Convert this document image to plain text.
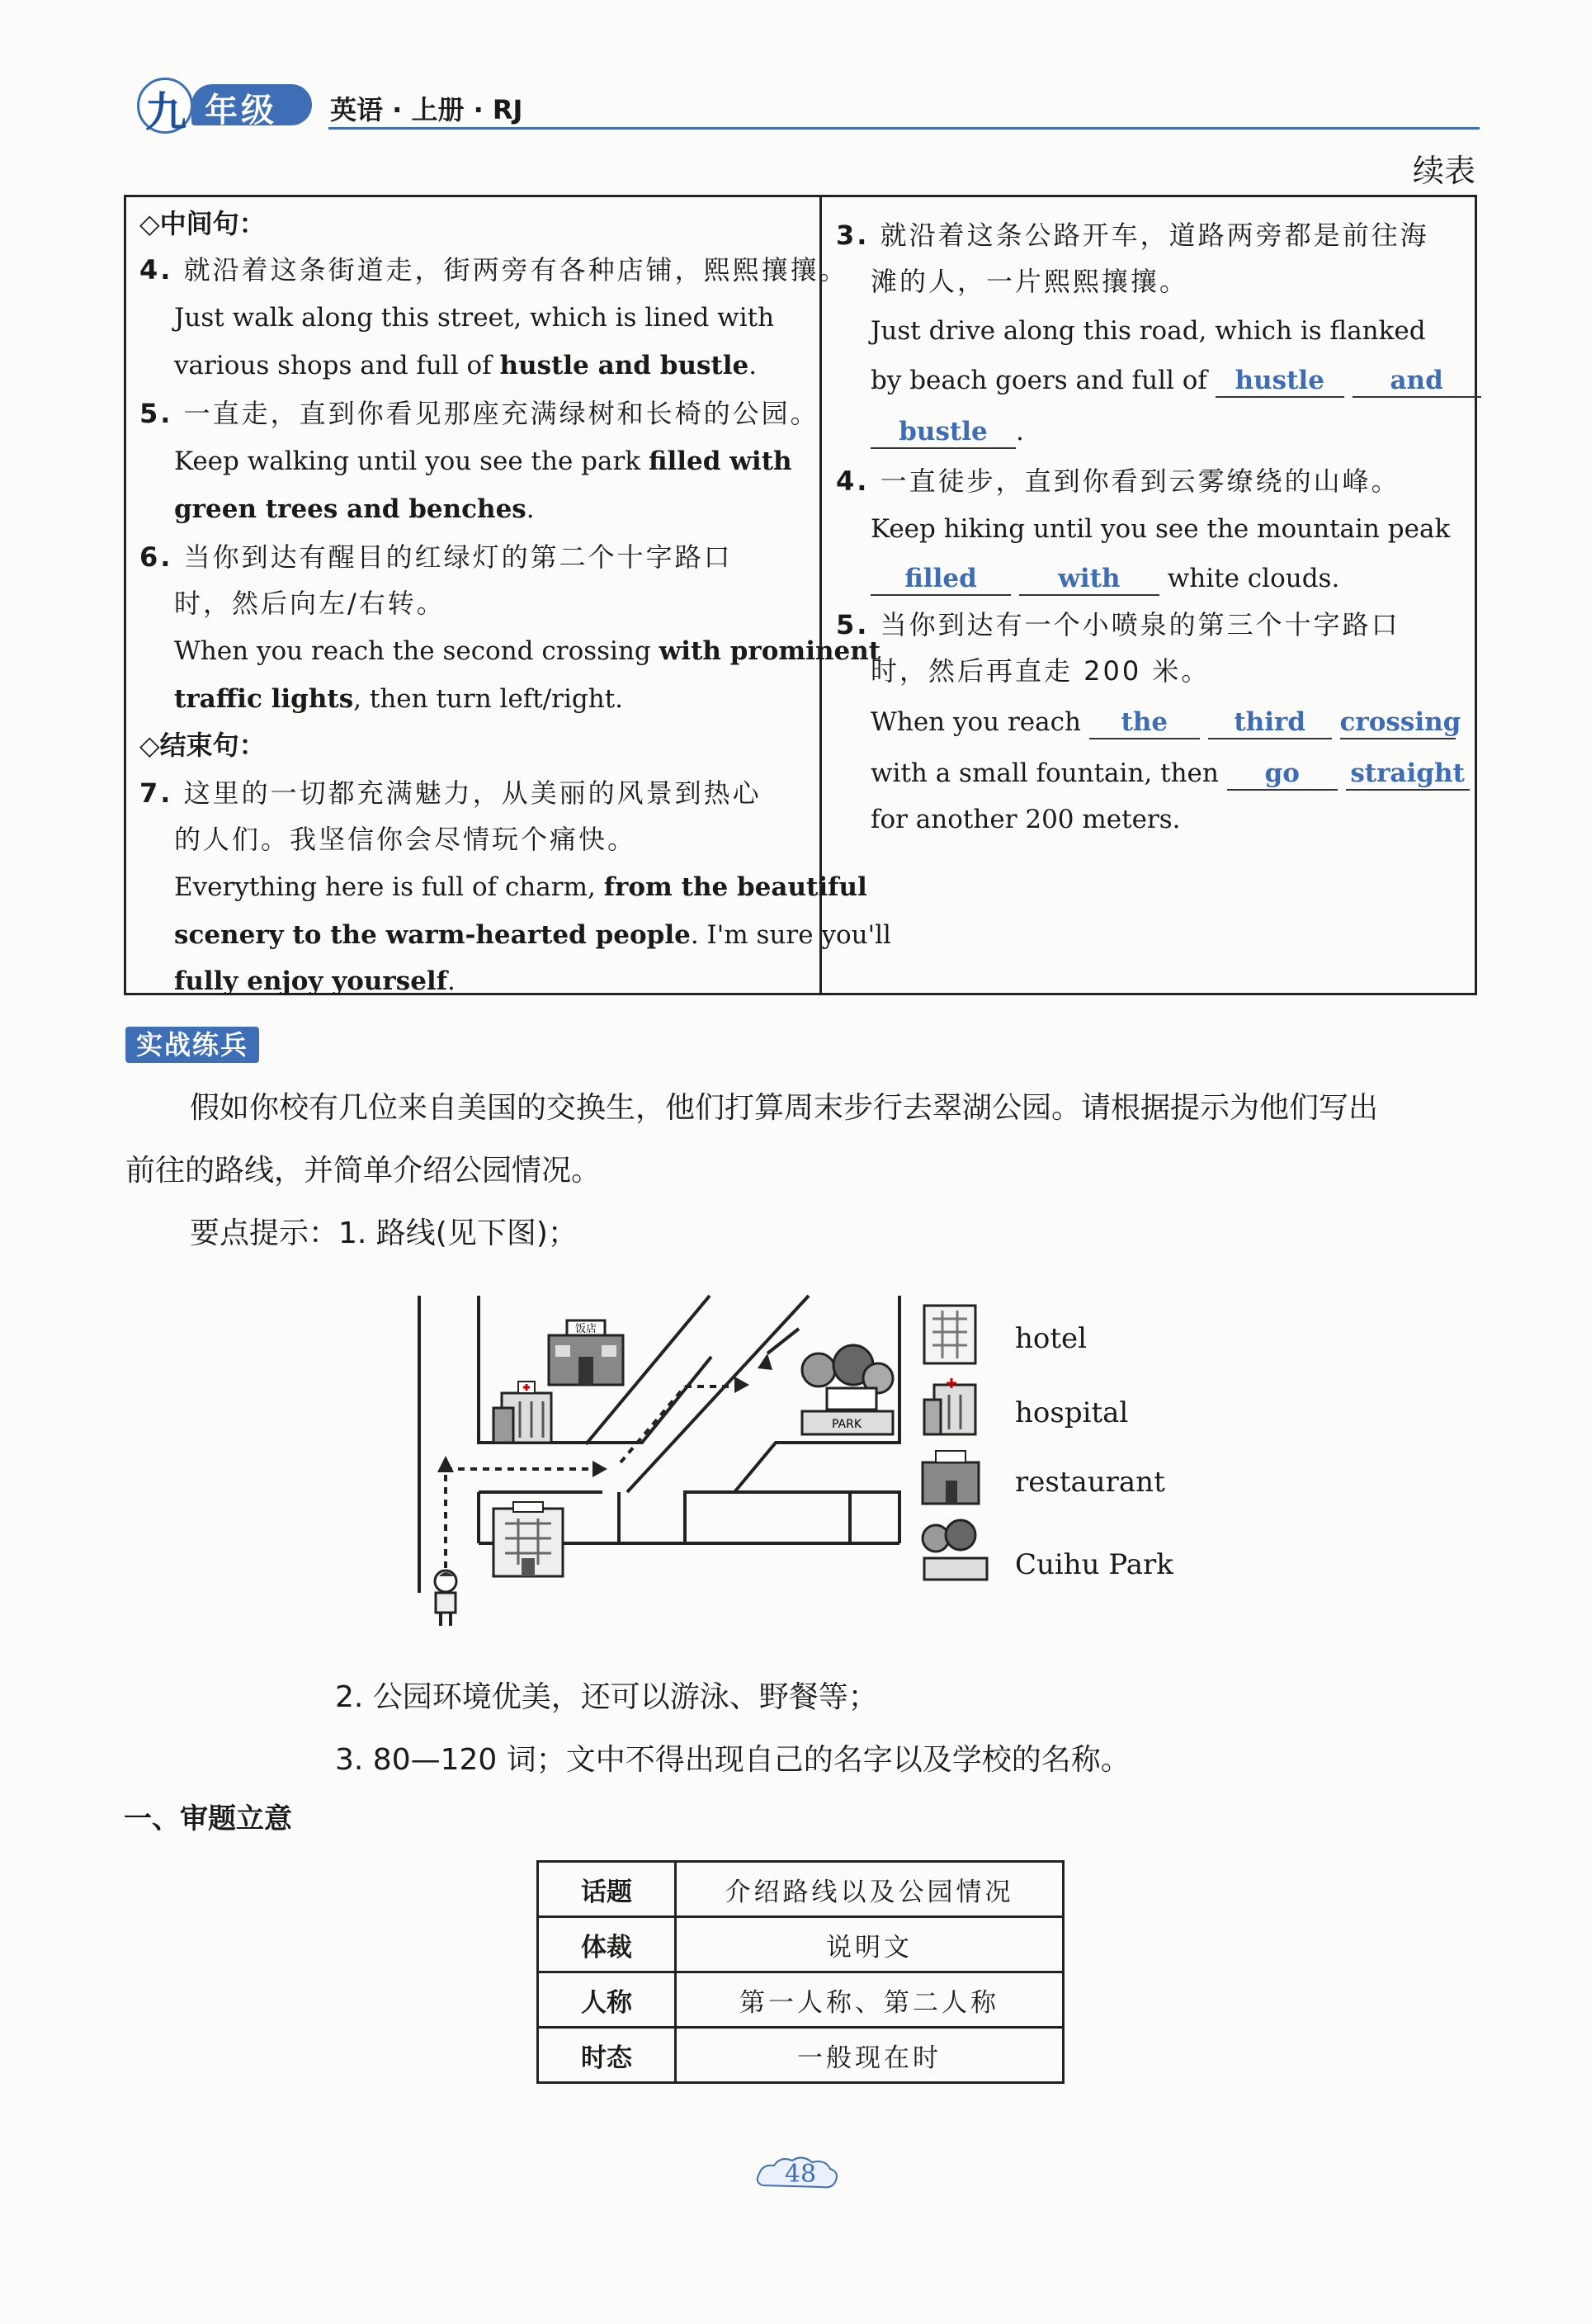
九 年级 英语 · 上册 · RJ
续表
◇中间句：
4. 就沿着这条街道走，街两旁有各种店铺，熙熙攘攘。
Just walk along this street, which is lined with
various shops and full of hustle and bustle.
5. 一直走，直到你看见那座充满绿树和长椅的公园。
Keep walking until you see the park filled with
green trees and benches.
6. 当你到达有醒目的红绿灯的第二个十字路口
时，然后向左/右转。
When you reach the second crossing with prominent
traffic lights, then turn left/right.
◇结束句：
7. 这里的一切都充满魅力，从美丽的风景到热心
的人们。我坚信你会尽情玩个痛快。
Everything here is full of charm, from the beautiful
scenery to the warm-hearted people. I'm sure you'll
fully enjoy yourself.
3. 就沿着这条公路开车，道路两旁都是前往海
滩的人，一片熙熙攘攘。
Just drive along this road, which is flanked
by beach goers and full of hustle	and
bustle .
4. 一直徒步，直到你看到云雾缭绕的山峰。
Keep hiking until you see the mountain peak
filled	with white clouds.
5. 当你到达有一个小喷泉的第三个十字路口
时，然后再直走 200 米。
When you reach the	third crossing
with a small fountain, then go straight
for another 200 meters.
实战练兵
假如你校有几位来自美国的交换生，他们打算周末步行去翠湖公园。请根据提示为他们写出
前往的路线，并简单介绍公园情况。
要点提示：1. 路线(见下图)；
饭店
PARK
hotel
hospital
restaurant
Cuihu Park
2. 公园环境优美，还可以游泳、野餐等；
3. 80—120 词；文中不得出现自己的名字以及学校的名称。
一、审题立意
话题	介绍路线以及公园情况
体裁	说明文
人称	第一人称、第二人称
时态	一般现在时
48
